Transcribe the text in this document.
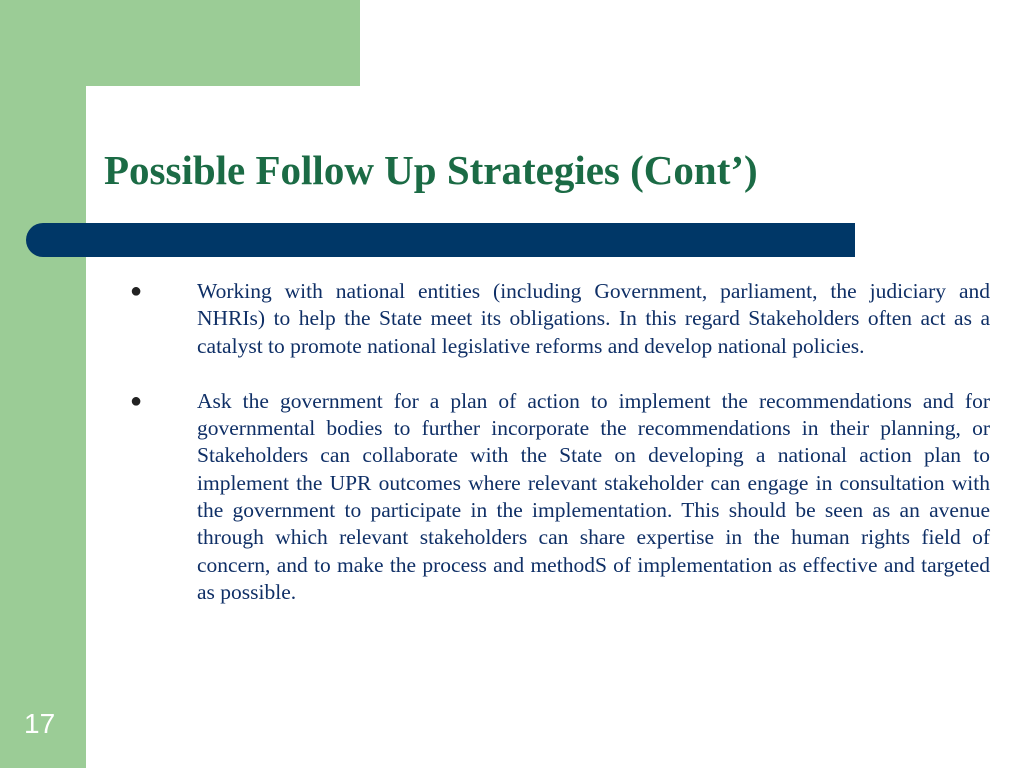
Possible Follow Up Strategies (Cont’)
●	Working with national entities (including Government, parliament, the judiciary and NHRIs) to help the State meet its obligations. In this regard Stakeholders often act as a catalyst to promote national legislative reforms and develop national policies.
●	Ask the government for a plan of action to implement the recommendations and for governmental bodies to further incorporate the recommendations in their planning, or Stakeholders can collaborate with the State on developing a national action plan to implement the UPR outcomes where relevant stakeholder can engage in consultation with the government to participate in the implementation. This should be seen as an avenue through which relevant stakeholders can share expertise in the human rights field of concern, and to make the process and methodS of implementation as effective and targeted as possible.
17
